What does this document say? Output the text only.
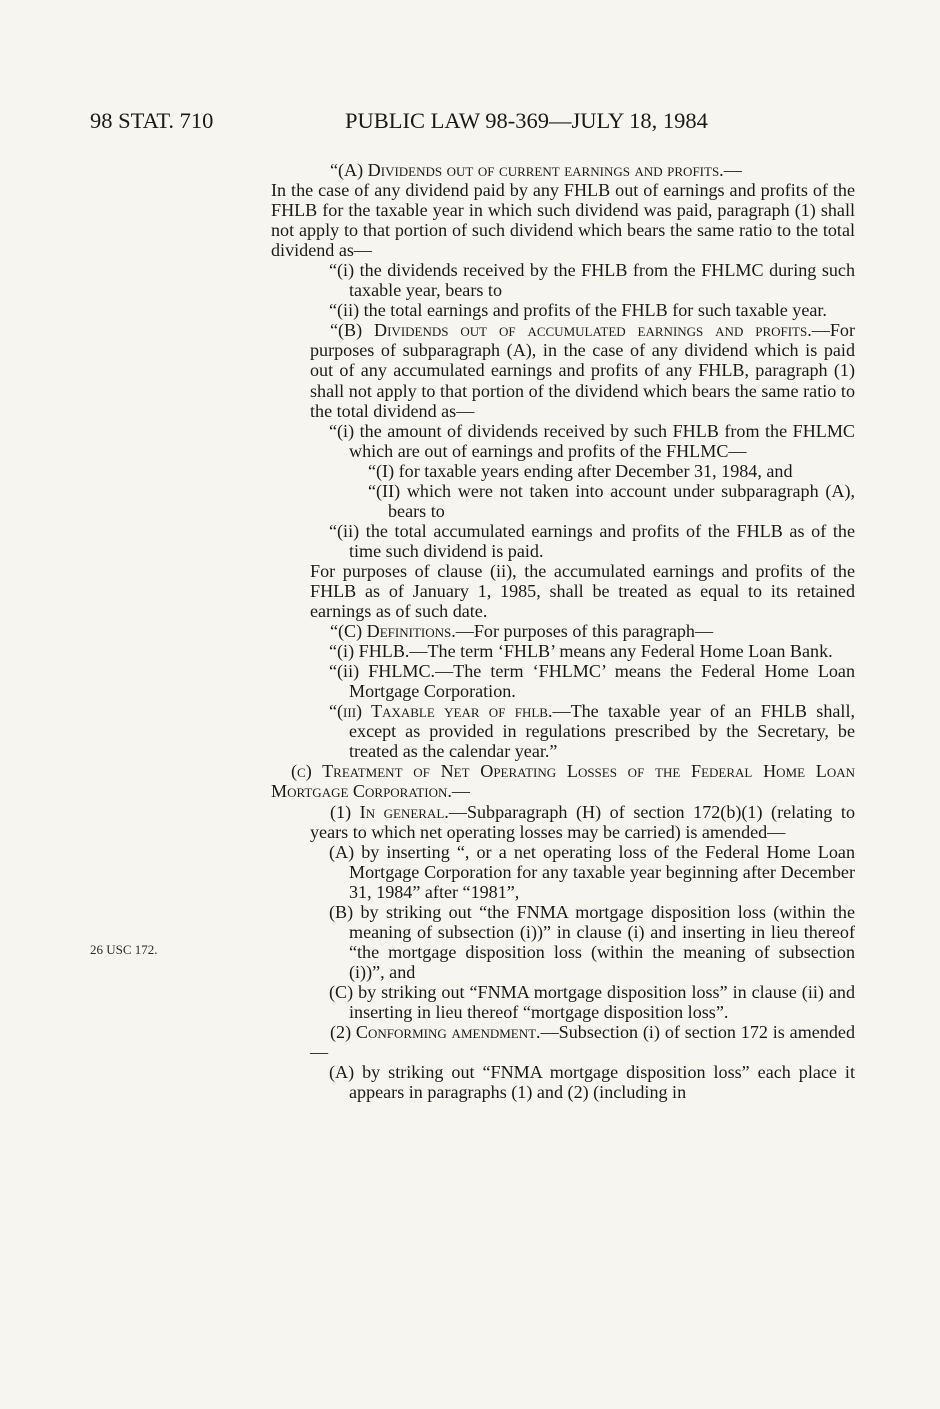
98 STAT. 710	PUBLIC LAW 98-369—JULY 18, 1984
26 USC 172.

“(A) Dividends out of current earnings and profits.—

In the case of any dividend paid by any FHLB out of earnings and profits of the FHLB for the taxable year in which such dividend was paid, paragraph (1) shall not apply to that portion of such dividend which bears the same ratio to the total dividend as—

“(i) the dividends received by the FHLB from the FHLMC during such taxable year, bears to

“(ii) the total earnings and profits of the FHLB for such taxable year.

“(B) Dividends out of accumulated earnings and profits.—For purposes of subparagraph (A), in the case of any dividend which is paid out of any accumulated earnings and profits of any FHLB, paragraph (1) shall not apply to that portion of the dividend which bears the same ratio to the total dividend as—

“(i) the amount of dividends received by such FHLB from the FHLMC which are out of earnings and profits of the FHLMC—

“(I) for taxable years ending after December 31, 1984, and

“(II) which were not taken into account under subparagraph (A), bears to

“(ii) the total accumulated earnings and profits of the FHLB as of the time such dividend is paid.

For purposes of clause (ii), the accumulated earnings and profits of the FHLB as of January 1, 1985, shall be treated as equal to its retained earnings as of such date.

“(C) Definitions.—For purposes of this paragraph—

“(i) FHLB.—The term ‘FHLB’ means any Federal Home Loan Bank.

“(ii) FHLMC.—The term ‘FHLMC’ means the Federal Home Loan Mortgage Corporation.

“(iii) Taxable year of fhlb.—The taxable year of an FHLB shall, except as provided in regulations prescribed by the Secretary, be treated as the calendar year.”

(c) Treatment of Net Operating Losses of the Federal Home Loan Mortgage Corporation.—

(1) In general.—Subparagraph (H) of section 172(b)(1) (relating to years to which net operating losses may be carried) is amended—

(A) by inserting “, or a net operating loss of the Federal Home Loan Mortgage Corporation for any taxable year beginning after December 31, 1984” after “1981”,

(B) by striking out “the FNMA mortgage disposition loss (within the meaning of subsection (i))” in clause (i) and inserting in lieu thereof “the mortgage disposition loss (within the meaning of subsection (i))”, and

(C) by striking out “FNMA mortgage disposition loss” in clause (ii) and inserting in lieu thereof “mortgage disposition loss”.

(2) Conforming amendment.—Subsection (i) of section 172 is amended—

(A) by striking out “FNMA mortgage disposition loss” each place it appears in paragraphs (1) and (2) (including in
